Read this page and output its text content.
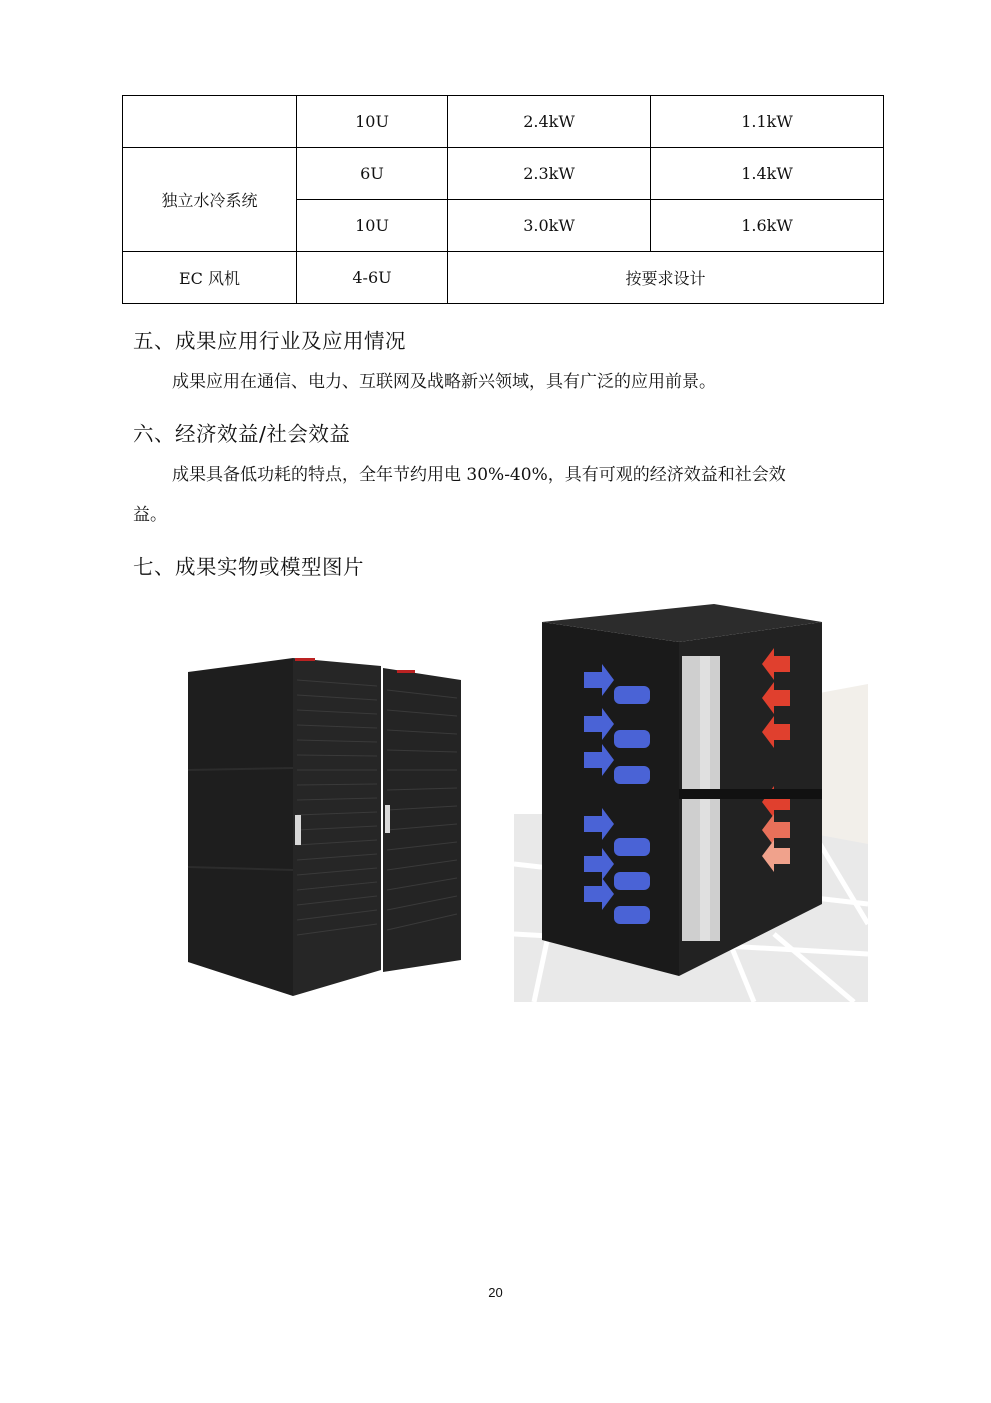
	10U	2.4kW	1.1kW
独立水冷系统	6U	2.3kW	1.4kW
	10U	3.0kW	1.6kW
EC 风机	4-6U	按要求设计	
五、成果应用行业及应用情况

成果应用在通信、电力、互联网及战略新兴领域，具有广泛的应用前景。

六、经济效益/社会效益

成果具备低功耗的特点，全年节约用电 30%-40%，具有可观的经济效益和社会效

益。

七、成果实物或模型图片
20
